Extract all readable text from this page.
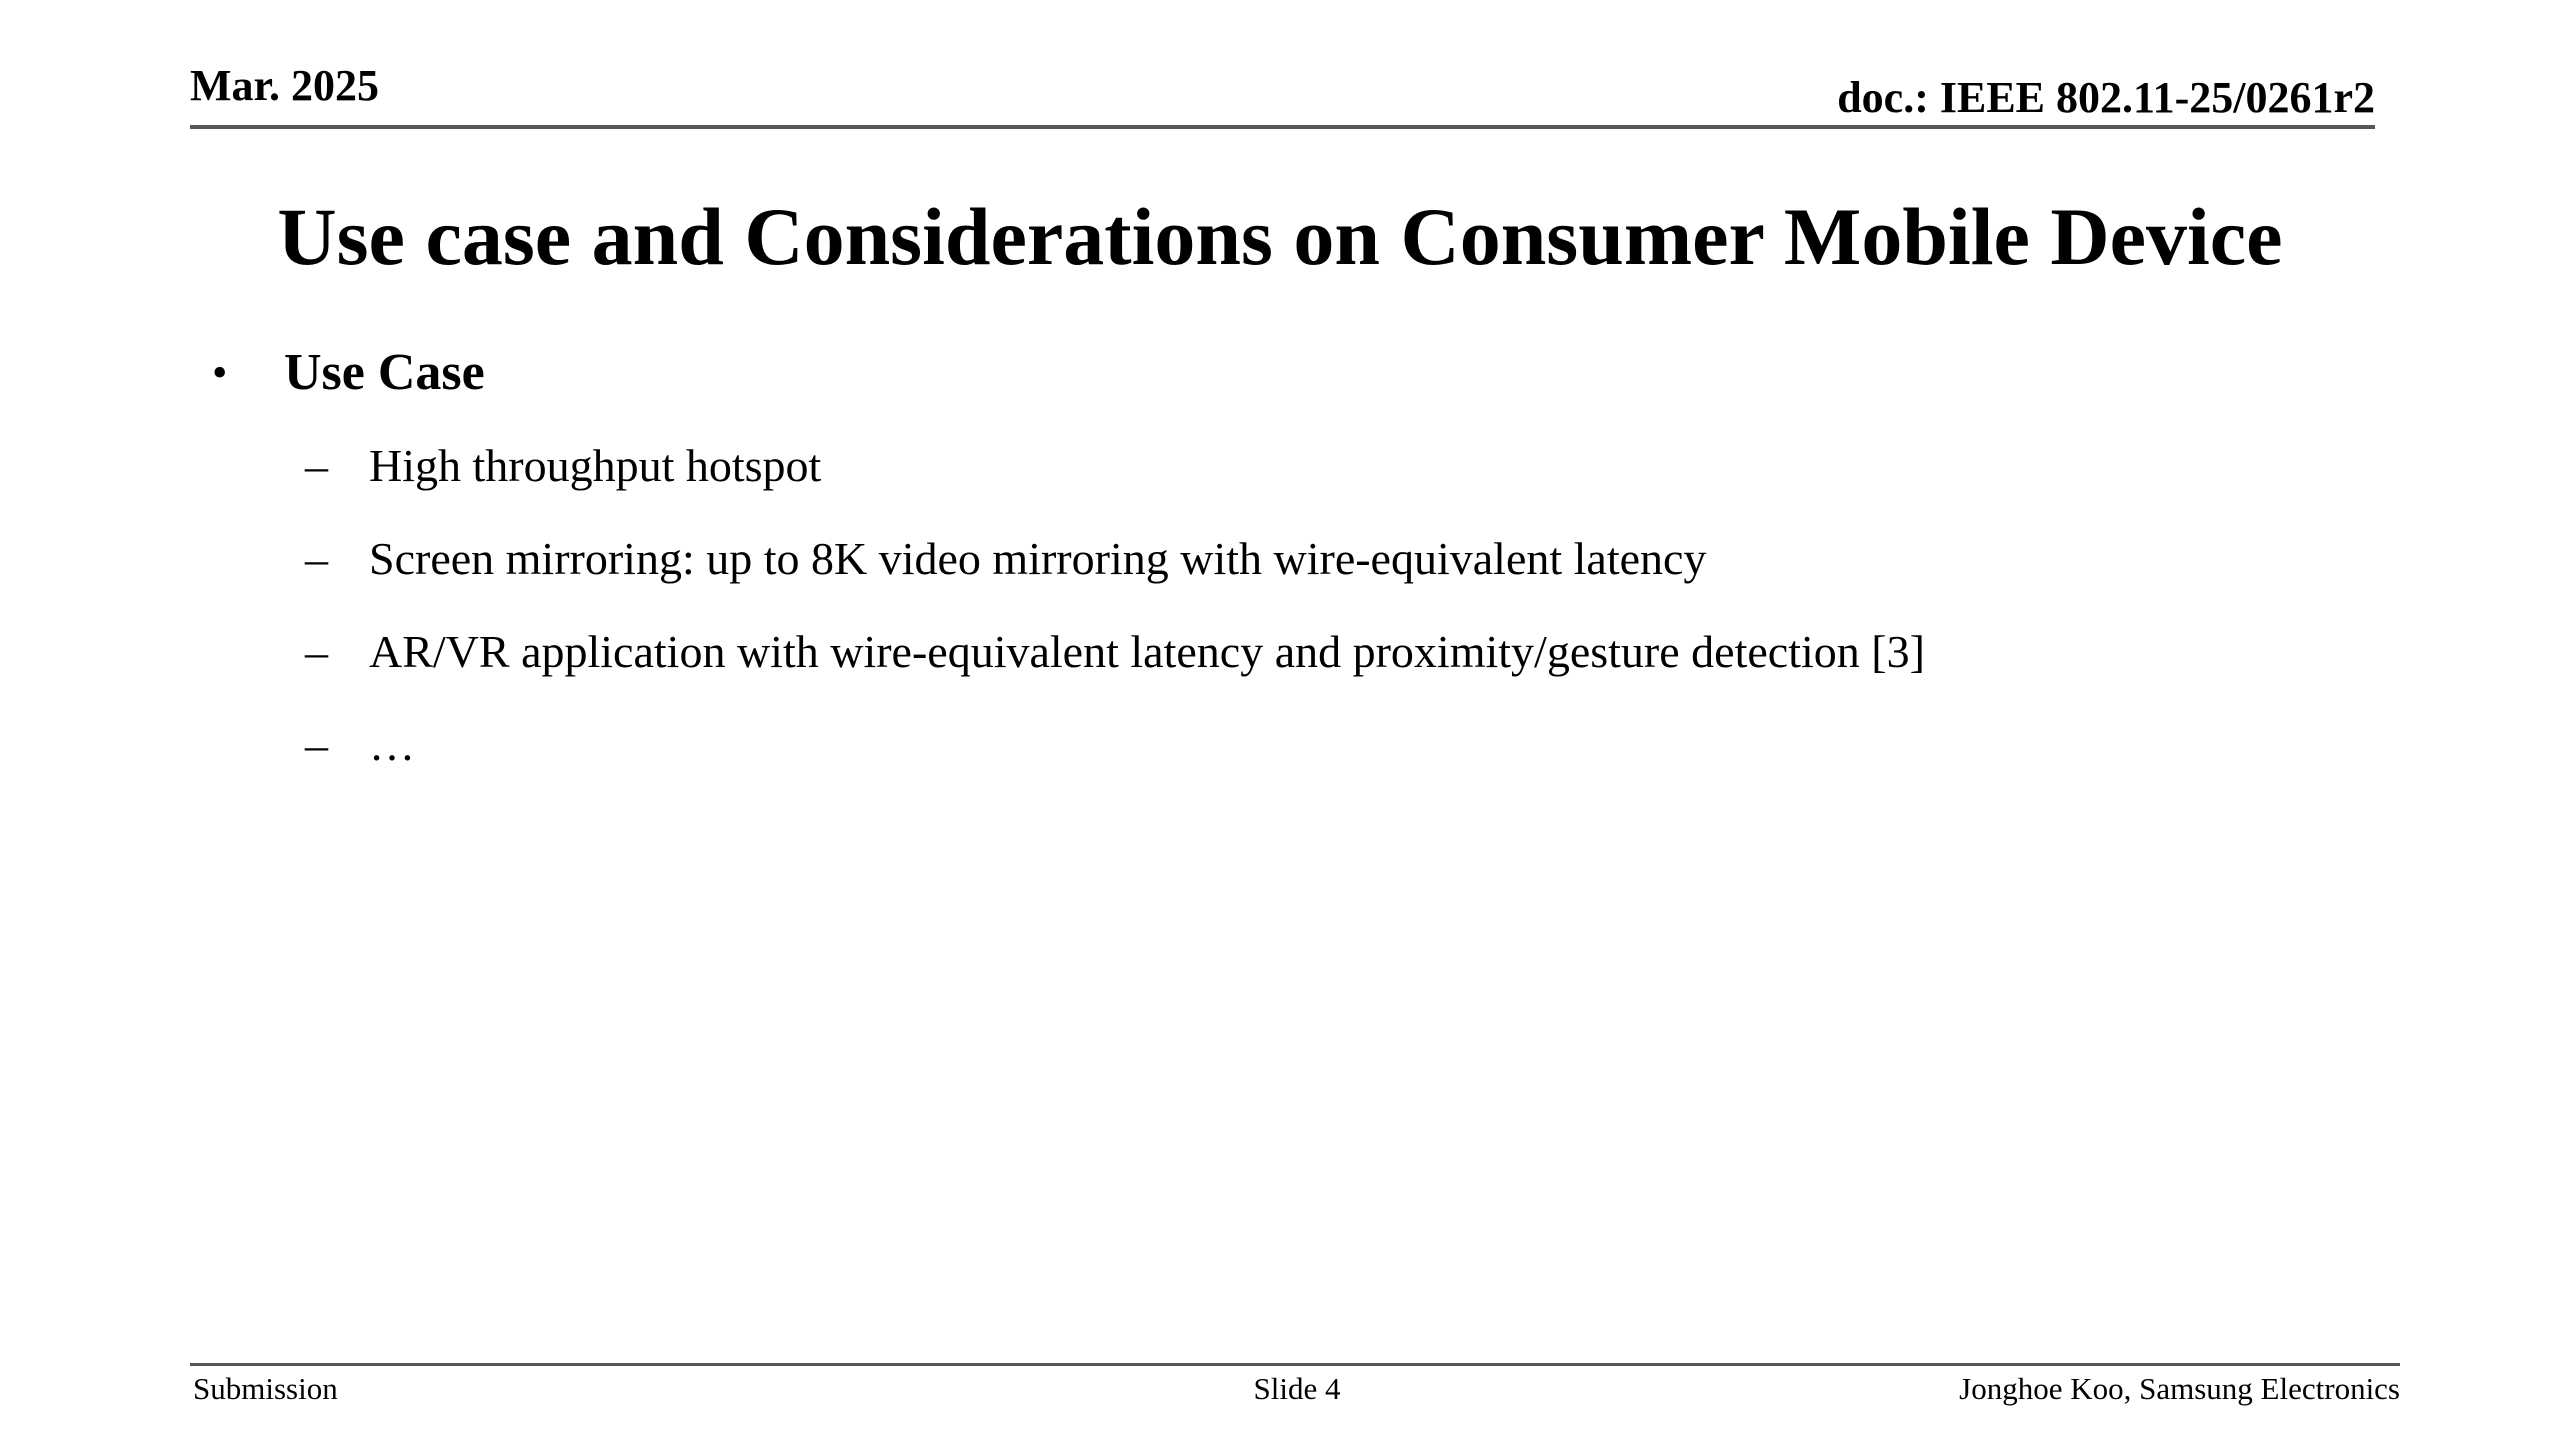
Mar. 2025	doc.: IEEE 802.11-25/0261r2
Use case and Considerations on Consumer Mobile Device
•	Use Case
– High throughput hotspot
– Screen mirroring: up to 8K video mirroring with wire-equivalent latency
– AR/VR application with wire-equivalent latency and proximity/gesture detection [3]
– …
Submission	Slide 4	Jonghoe Koo, Samsung Electronics
